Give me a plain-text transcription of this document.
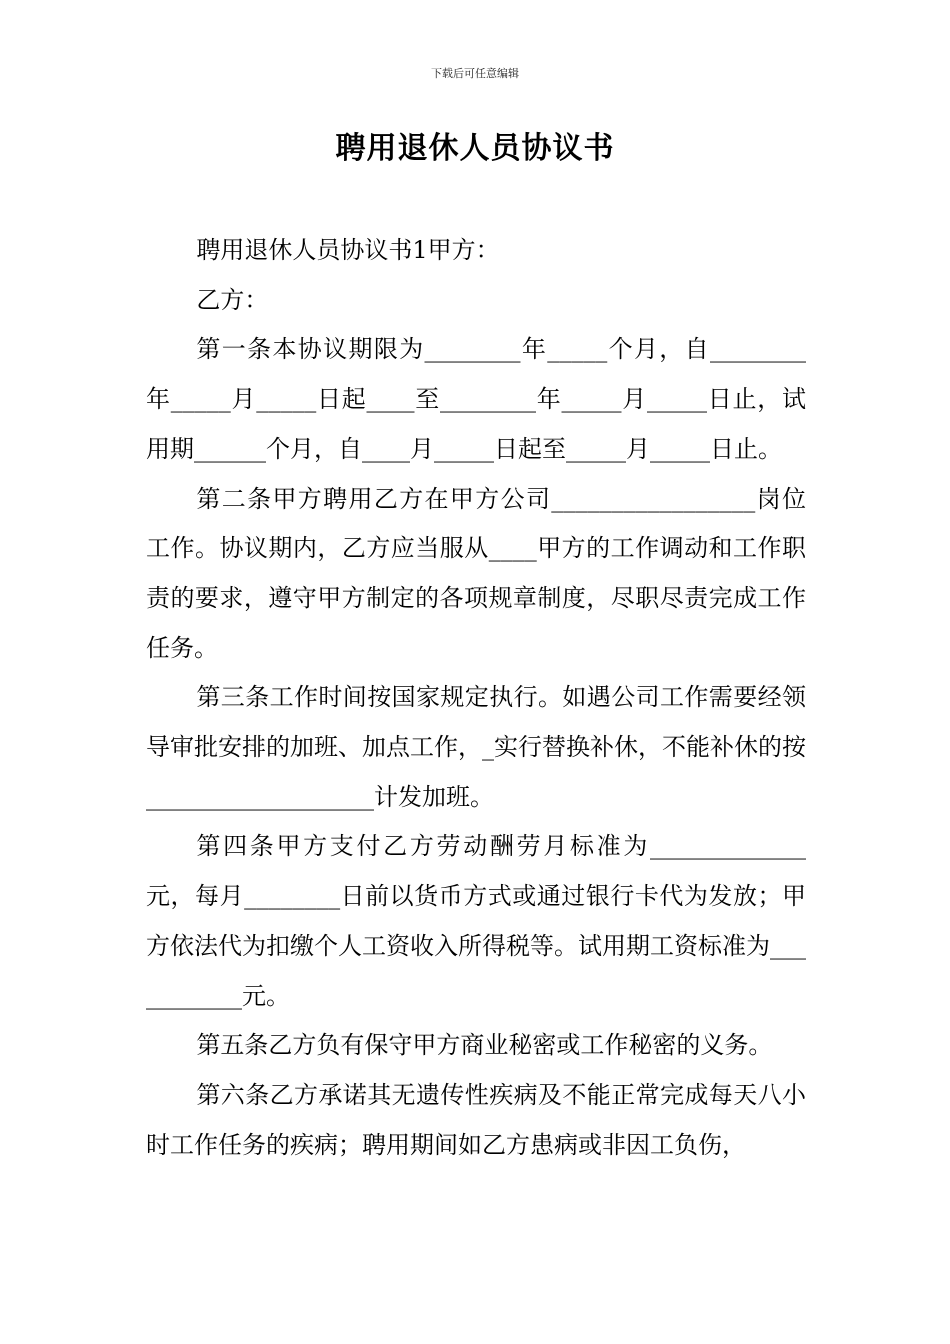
下载后可任意编辑
聘用退休人员协议书

聘用退休人员协议书1甲方：

乙方：

第一条本协议期限为________年_____个月，自________年_____月_____日起____至________年_____月_____日止，试用期______个月，自____月_____日起至_____月_____日止。

第二条甲方聘用乙方在甲方公司_________________岗位工作。协议期内，乙方应当服从____甲方的工作调动和工作职责的要求，遵守甲方制定的各项规章制度，尽职尽责完成工作任务。

第三条工作时间按国家规定执行。如遇公司工作需要经领导审批安排的加班、加点工作，_实行替换补休，不能补休的按___________________计发加班。

第四条甲方支付乙方劳动酬劳月标准为_____________元，每月________日前以货币方式或通过银行卡代为发放；甲方依法代为扣缴个人工资收入所得税等。试用期工资标准为___________元。

第五条乙方负有保守甲方商业秘密或工作秘密的义务。

第六条乙方承诺其无遗传性疾病及不能正常完成每天八小时工作任务的疾病；聘用期间如乙方患病或非因工负伤，
